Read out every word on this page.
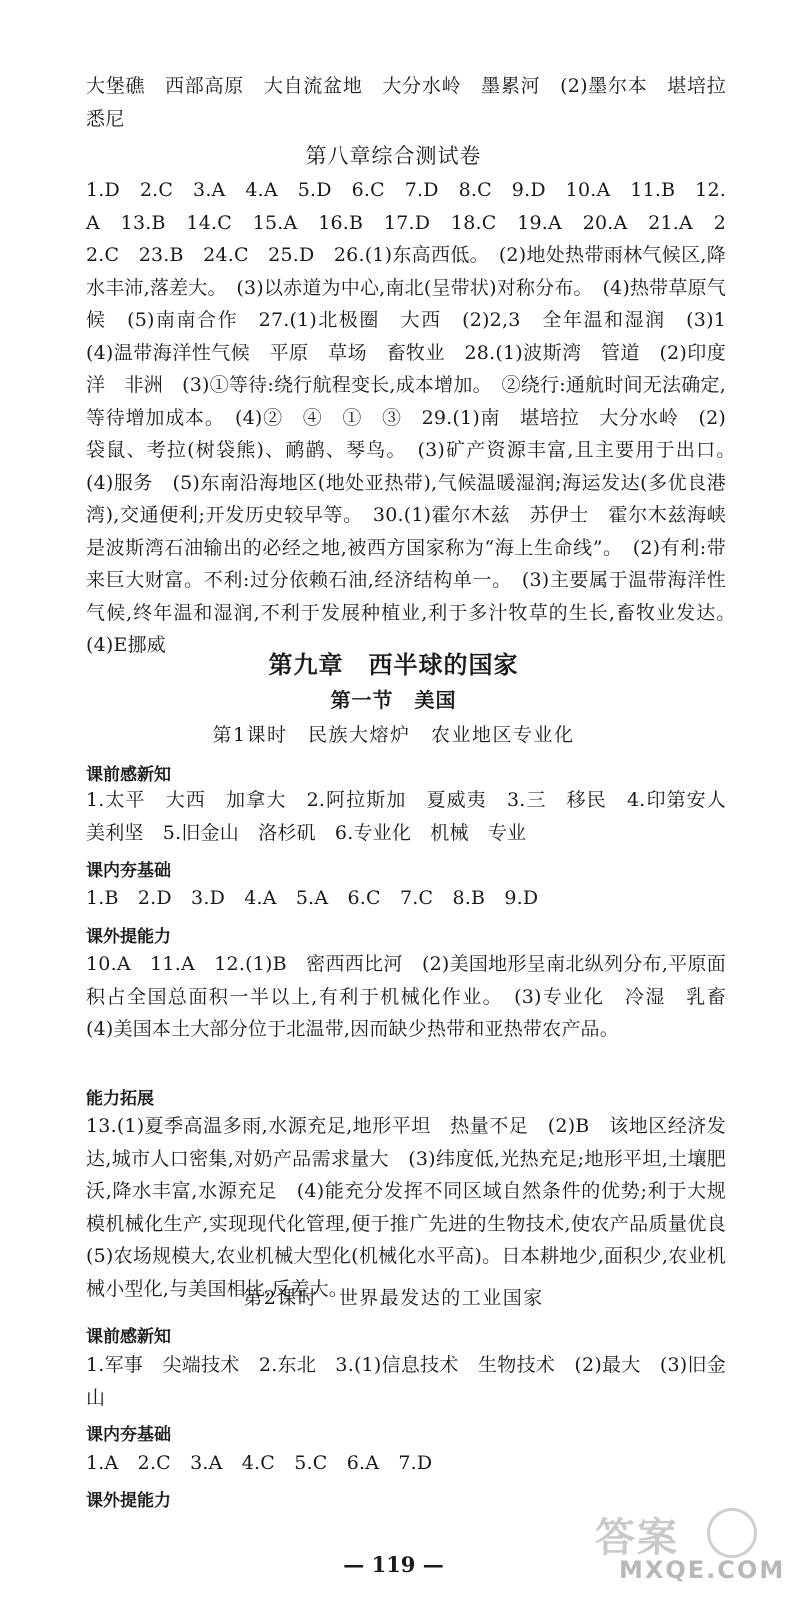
大堡礁　西部高原　大自流盆地　大分水岭　墨累河　(2)墨尔本　堪培拉　悉尼
第八章综合测试卷
1.D　2.C　3.A　4.A　5.D　6.C　7.D　8.C　9.D　10.A　11.B　12.A　13.B　14.C　15.A　16.B　17.D　18.C　19.A　20.A　21.A　22.C　23.B　24.C　25.D　26.(1)东高西低。　(2)地处热带雨林气候区,降水丰沛,落差大。　(3)以赤道为中心,南北(呈带状)对称分布。　(4)热带草原气候　(5)南南合作　27.(1)北极圈　大西　(2)2,3　全年温和湿润　(3)1　(4)温带海洋性气候　平原　草场　畜牧业　28.(1)波斯湾　管道　(2)印度洋　非洲　(3)①等待:绕行航程变长,成本增加。　②绕行:通航时间无法确定,等待增加成本。　(4)②　④　①　③　29.(1)南　堪培拉　大分水岭　(2)袋鼠、考拉(树袋熊)、鸸鹋、琴鸟。　(3)矿产资源丰富,且主要用于出口。　(4)服务　(5)东南沿海地区(地处亚热带),气候温暖湿润;海运发达(多优良港湾),交通便利;开发历史较早等。　30.(1)霍尔木兹　苏伊士　霍尔木兹海峡是波斯湾石油输出的必经之地,被西方国家称为“海上生命线”。　(2)有利:带来巨大财富。不利:过分依赖石油,经济结构单一。　(3)主要属于温带海洋性气候,终年温和湿润,不利于发展种植业,利于多汁牧草的生长,畜牧业发达。　(4)E挪威
第九章　西半球的国家
第一节　美国
第1课时　民族大熔炉　农业地区专业化
课前感新知
1.太平　大西　加拿大　2.阿拉斯加　夏威夷　3.三　移民　4.印第安人　美利坚　5.旧金山　洛杉矶　6.专业化　机械　专业
课内夯基础
1.B　2.D　3.D　4.A　5.A　6.C　7.C　8.B　9.D
课外提能力
10.A　11.A　12.(1)B　密西西比河　(2)美国地形呈南北纵列分布,平原面积占全国总面积一半以上,有利于机械化作业。　(3)专业化　冷湿　乳畜　(4)美国本土大部分位于北温带,因而缺少热带和亚热带农产品。
能力拓展
13.(1)夏季高温多雨,水源充足,地形平坦　热量不足　(2)B　该地区经济发达,城市人口密集,对奶产品需求量大　(3)纬度低,光热充足;地形平坦,土壤肥沃,降水丰富,水源充足　(4)能充分发挥不同区域自然条件的优势;利于大规模机械化生产,实现现代化管理,便于推广先进的生物技术,使农产品质量优良　(5)农场规模大,农业机械大型化(机械化水平高)。日本耕地少,面积少,农业机械小型化,与美国相比,反差大。
第2课时　世界最发达的工业国家
课前感新知
1.军事　尖端技术　2.东北　3.(1)信息技术　生物技术　(2)最大　(3)旧金山
课内夯基础
1.A　2.C　3.A　4.C　5.C　6.A　7.D
课外提能力
— 119 —
答案
MXQE.COM
